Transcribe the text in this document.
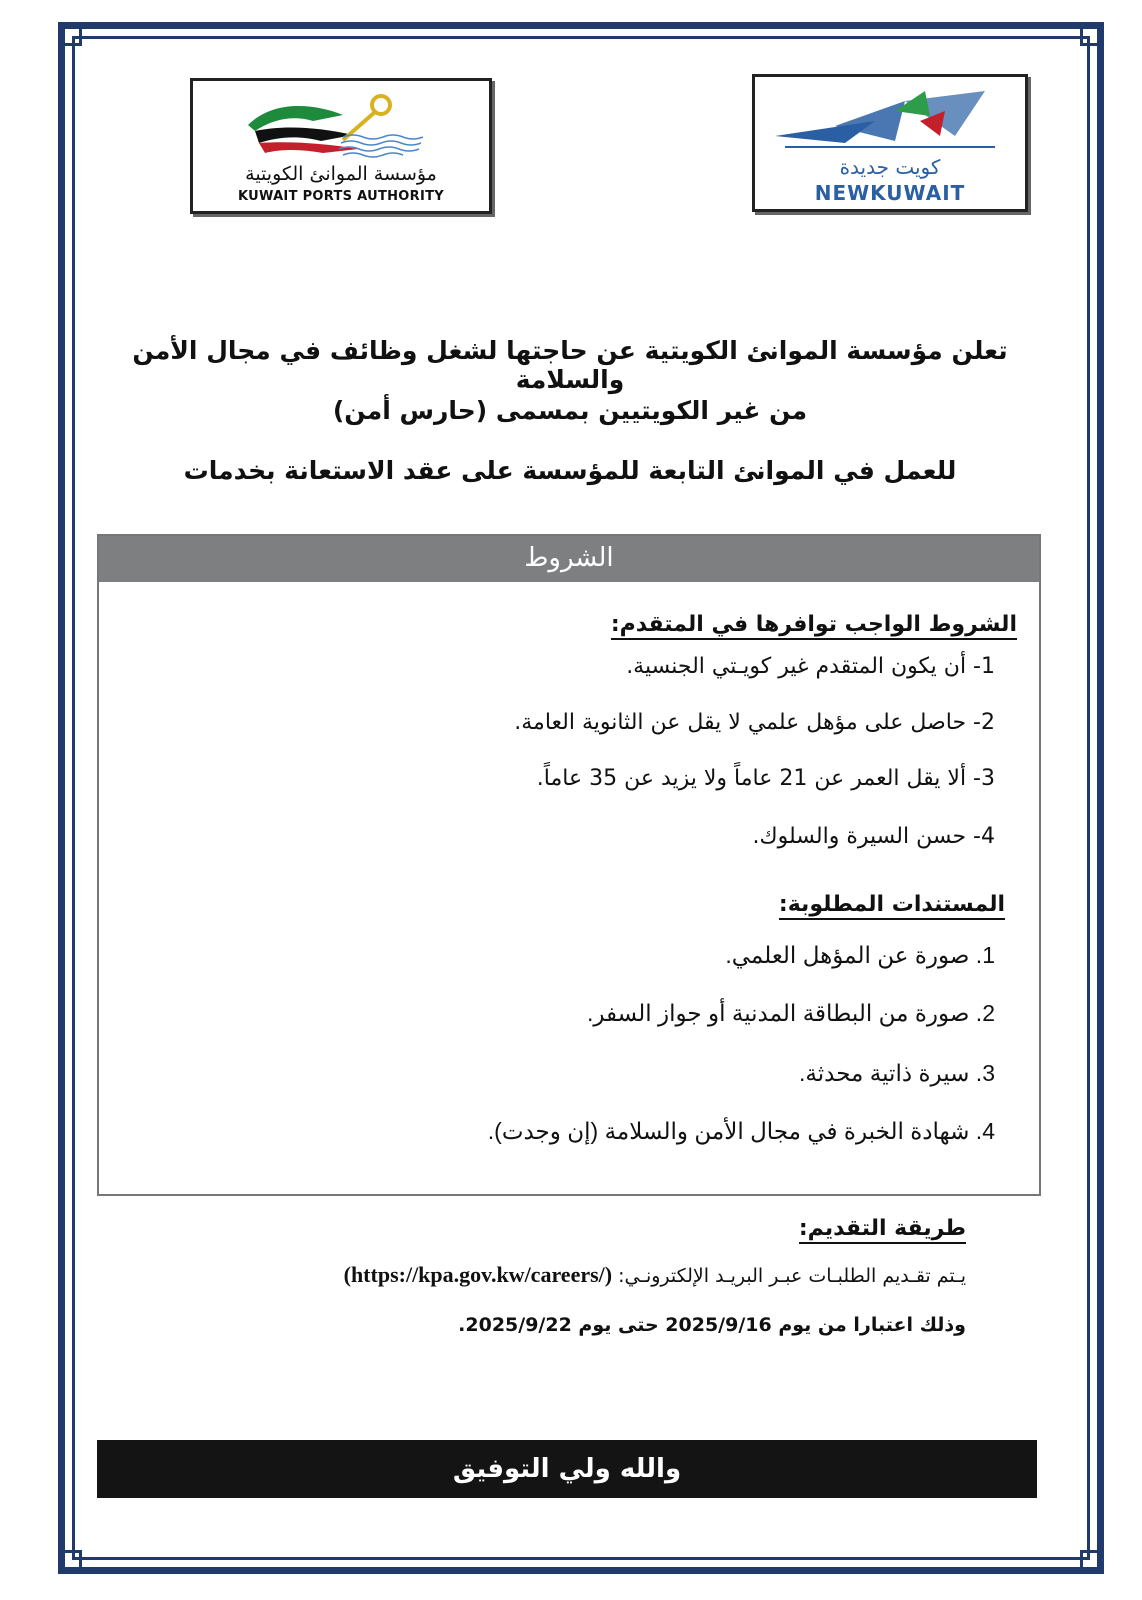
مؤسسة الموانئ الكويتية
KUWAIT PORTS AUTHORITY
كويت جديدة
NEWKUWAIT
تعلن مؤسسة الموانئ الكويتية عن حاجتها لشغل وظائف في مجال الأمن والسلامة
من غير الكويتيين بمسمى (حارس أمن)
للعمل في الموانئ التابعة للمؤسسة على عقد الاستعانة بخدمات
الشروط
الشروط الواجب توافرها في المتقدم:
1- أن يكون المتقدم غير كويـتي الجنسية.
2- حاصل على مؤهل علمي لا يقل عن الثانوية العامة.
3- ألا يقل العمر عن 21 عاماً ولا يزيد عن 35 عاماً.
4- حسن السيرة والسلوك.
المستندات المطلوبة:
1. صورة عن المؤهل العلمي.
2. صورة من البطاقة المدنية أو جواز السفر.
3. سيرة ذاتية محدثة.
4. شهادة الخبرة في مجال الأمن والسلامة (إن وجدت).
طريقة التقديم:
يـتم تقـديم الطلبـات عبـر البريـد الإلكترونـي: (https://kpa.gov.kw/careers/)
وذلك اعتبارا من يوم 2025/9/16 حتى يوم 2025/9/22.
والله ولي التوفيق
